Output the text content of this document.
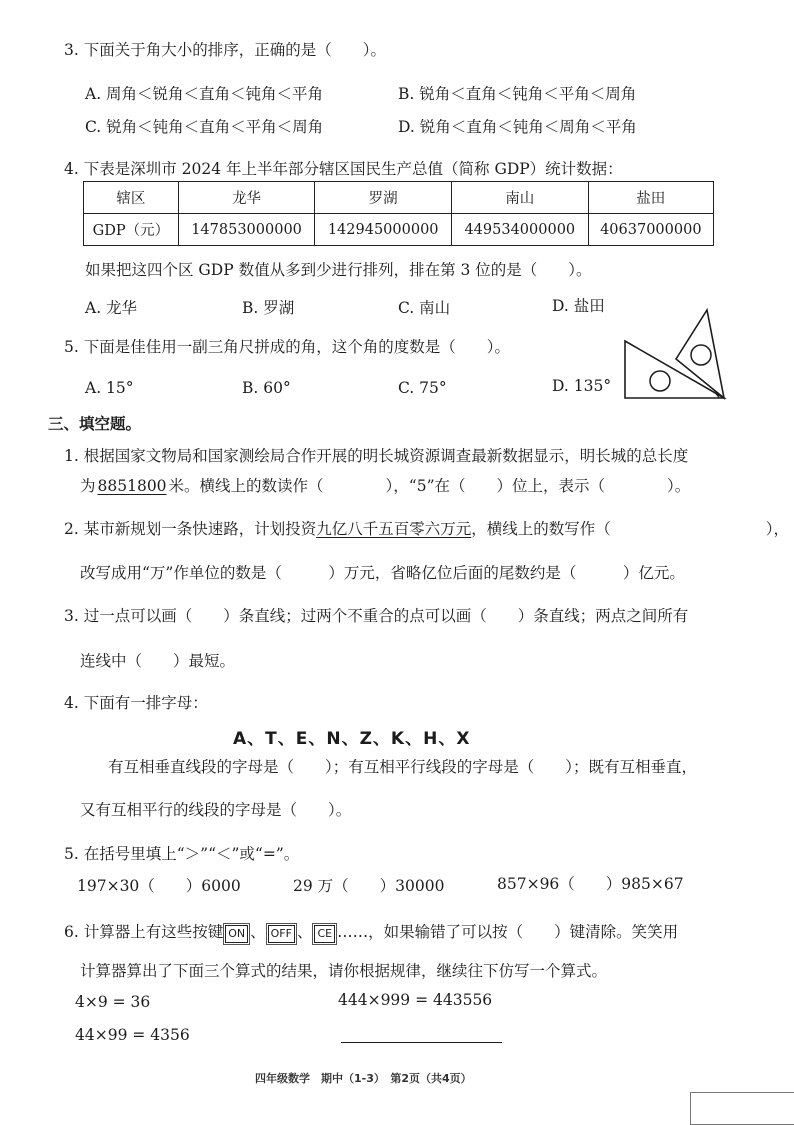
3. 下面关于角大小的排序，正确的是（　　）。
A. 周角＜锐角＜直角＜钝角＜平角	B. 锐角＜直角＜钝角＜平角＜周角
C. 锐角＜钝角＜直角＜平角＜周角	D. 锐角＜直角＜钝角＜周角＜平角
4. 下表是深圳市 2024 年上半年部分辖区国民生产总值（简称 GDP）统计数据：
辖区	龙华	罗湖	南山	盐田
GDP（元）	147853000000	142945000000	449534000000	40637000000
如果把这四个区 GDP 数值从多到少进行排列，排在第 3 位的是（　　）。
A. 龙华	B. 罗湖	C. 南山	D. 盐田
5. 下面是佳佳用一副三角尺拼成的角，这个角的度数是（　　）。
A. 15°	B. 60°	C. 75°	D. 135°
三、填空题。
1. 根据国家文物局和国家测绘局合作开展的明长城资源调查最新数据显示，明长城的总长度
为 8851800 米。横线上的数读作（　　　　），“5”在（　　）位上，表示（　　　　）。
2. 某市新规划一条快速路，计划投资九亿八千五百零六万元，横线上的数写作（　　　　　　　　　　），
改写成用“万”作单位的数是（　　　）万元，省略亿位后面的尾数约是（　　　）亿元。
3. 过一点可以画（　　）条直线；过两个不重合的点可以画（　　）条直线；两点之间所有
连线中（　　）最短。
4. 下面有一排字母：
A、T、E、N、Z、K、H、X
有互相垂直线段的字母是（　　）；有互相平行线段的字母是（　　）；既有互相垂直，
又有互相平行的线段的字母是（　　）。
5. 在括号里填上“＞”“＜”或“=”。
197×30（　　）6000	29 万（　　）30000	857×96（　　）985×67
6. 计算器上有这些按键 ON 、 OFF 、 CE ……，如果输错了可以按（　　）键清除。笑笑用
计算器算出了下面三个算式的结果，请你根据规律，继续往下仿写一个算式。
4×9 = 36	444×999 = 443556
44×99 = 4356
四年级数学　期中（1-3）　第2页（共4页）
